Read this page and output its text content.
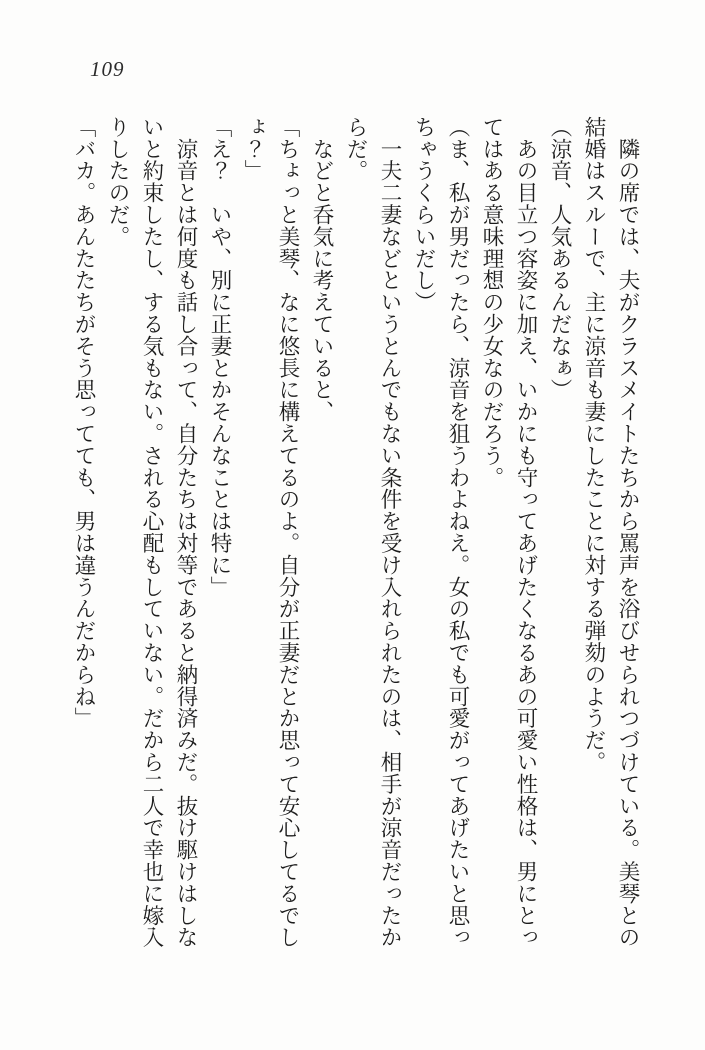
109

　隣の席では、夫がクラスメイトたちから罵声を浴びせられつづけている。美琴との結婚はスルーで、主に涼音も妻にしたことに対する弾劾のようだ。

（涼音、人気あるんだなぁ）

　あの目立つ容姿に加え、いかにも守ってあげたくなるあの可愛い性格は、男にとってはある意味理想の少女なのだろう。

（ま、私が男だったら、涼音を狙うわよねえ。女の私でも可愛がってあげたいと思っちゃうくらいだし）

　一夫二妻などというとんでもない条件を受け入れられたのは、相手が涼音だったからだ。

　などと呑気に考えていると、

「ちょっと美琴、なに悠長に構えてるのよ。自分が正妻だとか思って安心してるでしょ？」

「え？　いや、別に正妻とかそんなことは特に」

　涼音とは何度も話し合って、自分たちは対等であると納得済みだ。抜け駆けはしないと約束したし、する気もない。される心配もしていない。だから二人で幸也に嫁入りしたのだ。

「バカ。あんたたちがそう思ってても、男は違うんだからね」
